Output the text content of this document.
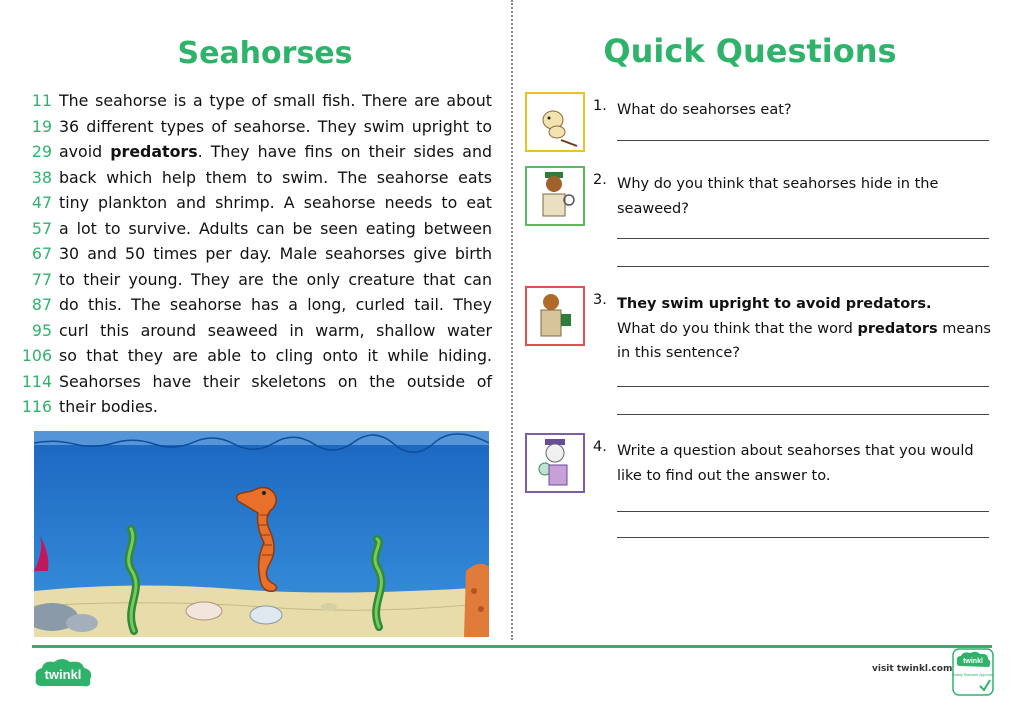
Seahorses
11 The seahorse is a type of small fish. There are about
19 36 different types of seahorse. They swim upright to
29 avoid predators. They have fins on their sides and
38 back which help them to swim. The seahorse eats
47 tiny plankton and shrimp. A seahorse needs to eat
57 a lot to survive. Adults can be seen eating between
67 30 and 50 times per day. Male seahorses give birth
77 to their young. They are the only creature that can
87 do this. The seahorse has a long, curled tail. They
95 curl this around seaweed in warm, shallow water
106 so that they are able to cling onto it while hiding.
114 Seahorses have their skeletons on the outside of
116 their bodies.
Quick Questions
1. What do seahorses eat?
2. Why do you think that seahorses hide in the seaweed?
3. They swim upright to avoid predators.
What do you think that the word predators means in this sentence?
4. Write a question about seahorses that you would like to find out the answer to.
twinkl	visit twinkl.com
twinkl
Quality Standard Approved
